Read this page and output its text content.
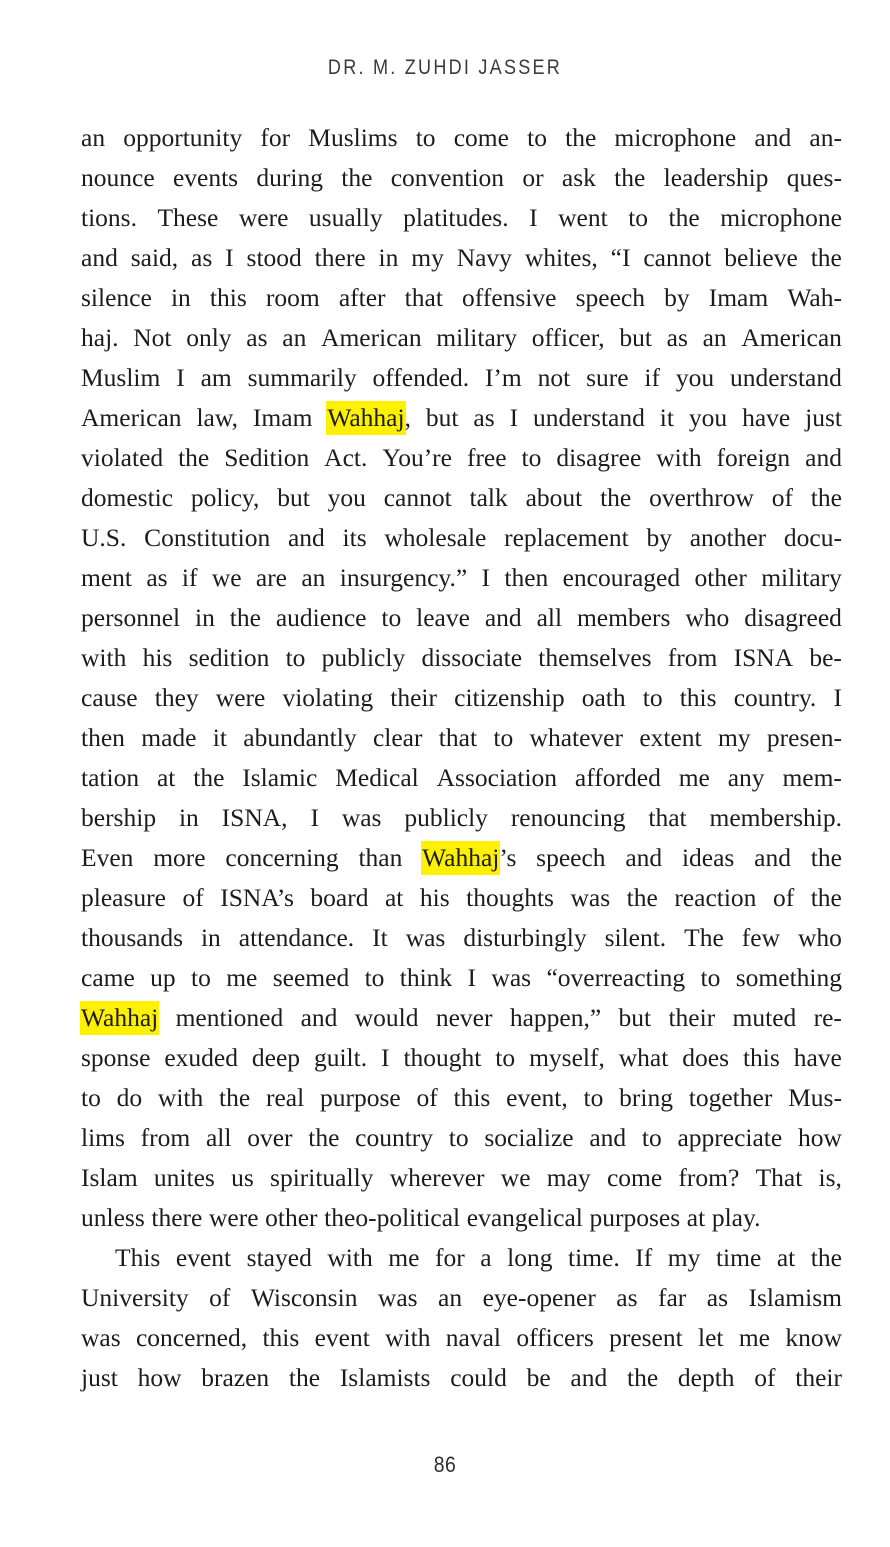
DR. M. ZUHDI JASSER
an opportunity for Muslims to come to the microphone and an-
nounce events during the convention or ask the leadership ques-
tions. These were usually platitudes. I went to the microphone
and said, as I stood there in my Navy whites, “I cannot believe the
silence in this room after that offensive speech by Imam Wah-
haj. Not only as an American military officer, but as an American
Muslim I am summarily offended. I’m not sure if you understand
American law, Imam Wahhaj, but as I understand it you have just
violated the Sedition Act. You’re free to disagree with foreign and
domestic policy, but you cannot talk about the overthrow of the
U.S. Constitution and its wholesale replacement by another docu-
ment as if we are an insurgency.” I then encouraged other military
personnel in the audience to leave and all members who disagreed
with his sedition to publicly dissociate themselves from ISNA be-
cause they were violating their citizenship oath to this country. I
then made it abundantly clear that to whatever extent my presen-
tation at the Islamic Medical Association afforded me any mem-
bership in ISNA, I was publicly renouncing that membership.
Even more concerning than Wahhaj’s speech and ideas and the
pleasure of ISNA’s board at his thoughts was the reaction of the
thousands in attendance. It was disturbingly silent. The few who
came up to me seemed to think I was “overreacting to something
Wahhaj mentioned and would never happen,” but their muted re-
sponse exuded deep guilt. I thought to myself, what does this have
to do with the real purpose of this event, to bring together Mus-
lims from all over the country to socialize and to appreciate how
Islam unites us spiritually wherever we may come from? That is,
unless there were other theo-political evangelical purposes at play.
This event stayed with me for a long time. If my time at the
University of Wisconsin was an eye-opener as far as Islamism
was concerned, this event with naval officers present let me know
just how brazen the Islamists could be and the depth of their
86
